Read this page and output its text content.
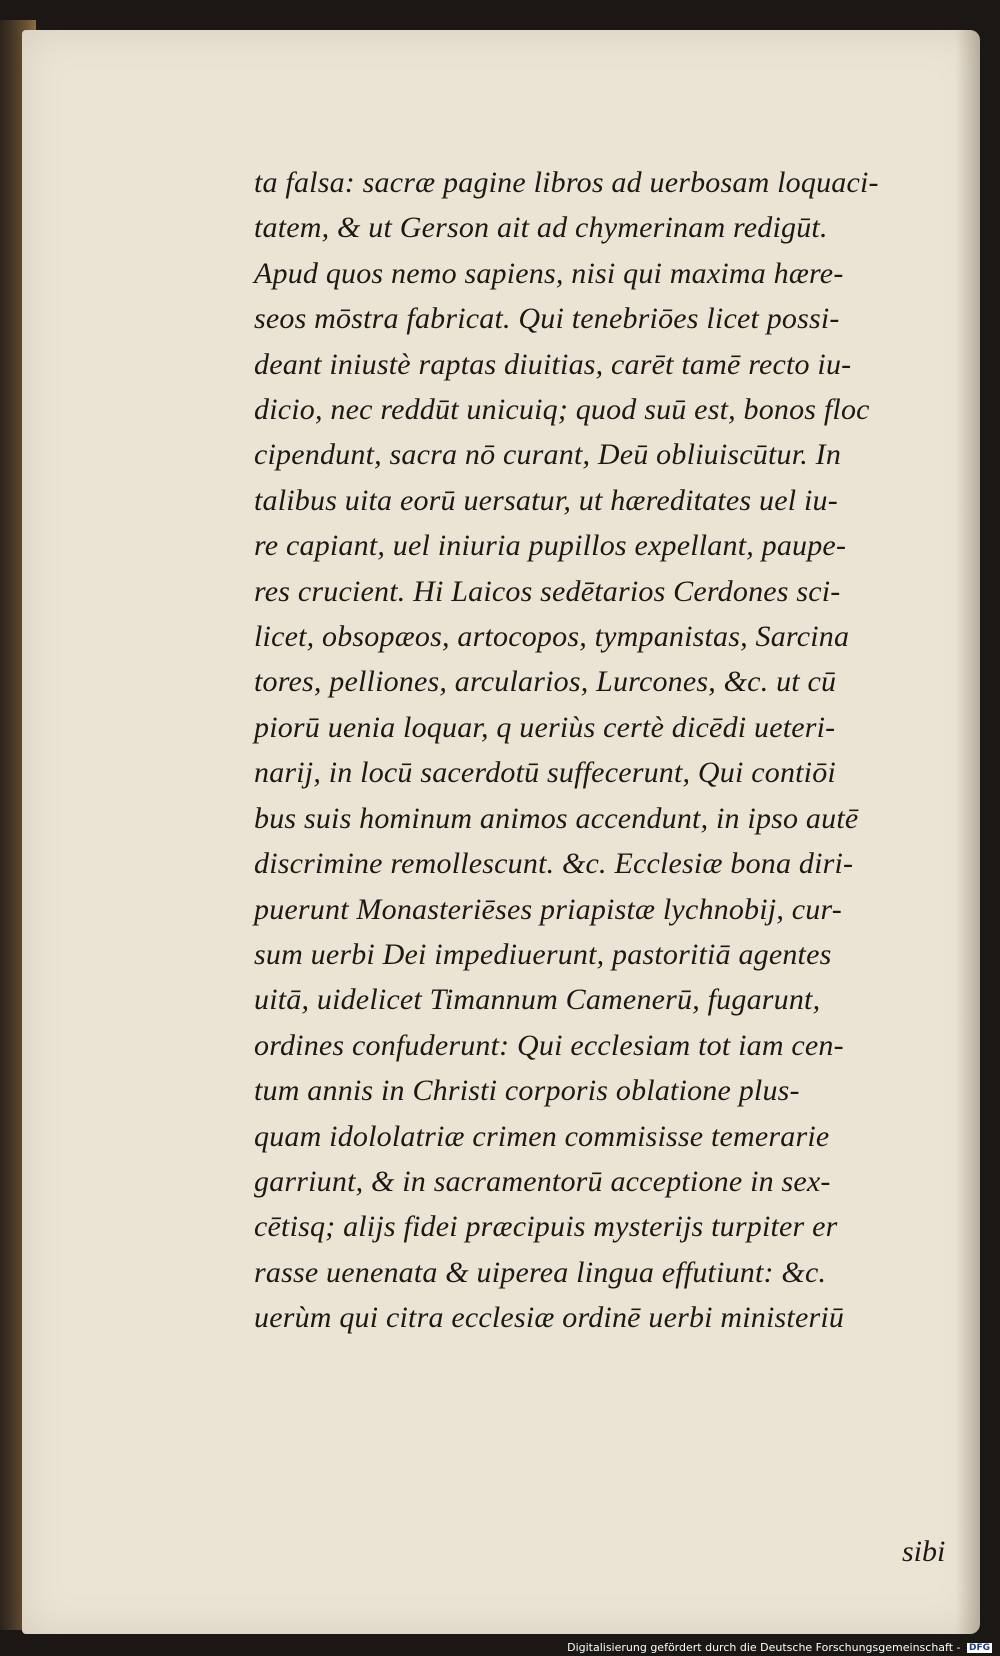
ta falsa: sacræ pagine libros ad uerbosam loquaci-
tatem, & ut Gerson ait ad chymerinam redigūt.
Apud quos nemo sapiens, nisi qui maxima hære-
seos mōstra fabricat. Qui tenebriōes licet possi-
deant iniustè raptas diuitias, carēt tamē recto iu-
dicio, nec reddūt unicuiq; quod suū est, bonos floc
cipendunt, sacra nō curant, Deū obliuiscūtur. In
talibus uita eorū uersatur, ut hæreditates uel iu-
re capiant, uel iniuria pupillos expellant, paupe-
res crucient. Hi Laicos sedētarios Cerdones sci-
licet, obsopæos, artocopos, tympanistas, Sarcina
tores, pelliones, arcularios, Lurcones, &c. ut cū
piorū uenia loquar, q ueriùs certè dicēdi ueteri-
narij, in locū sacerdotū suffecerunt, Qui contiōi
bus suis hominum animos accendunt, in ipso autē
discrimine remollescunt. &c. Ecclesiæ bona diri-
puerunt Monasteriēses priapistæ lychnobij, cur-
sum uerbi Dei impediuerunt, pastoritiā agentes
uitā, uidelicet Timannum Camenerū, fugarunt,
ordines confuderunt: Qui ecclesiam tot iam cen-
tum annis in Christi corporis oblatione plus-
quam idololatriæ crimen commisisse temerarie
garriunt, & in sacramentorū acceptione in sex-
cētisq; alijs fidei præcipuis mysterijs turpiter er
rasse uenenata & uiperea lingua effutiunt: &c.
uerùm qui citra ecclesiæ ordinē uerbi ministeriū
sibi
Digitalisierung gefördert durch die Deutsche Forschungsgemeinschaft - DFG
